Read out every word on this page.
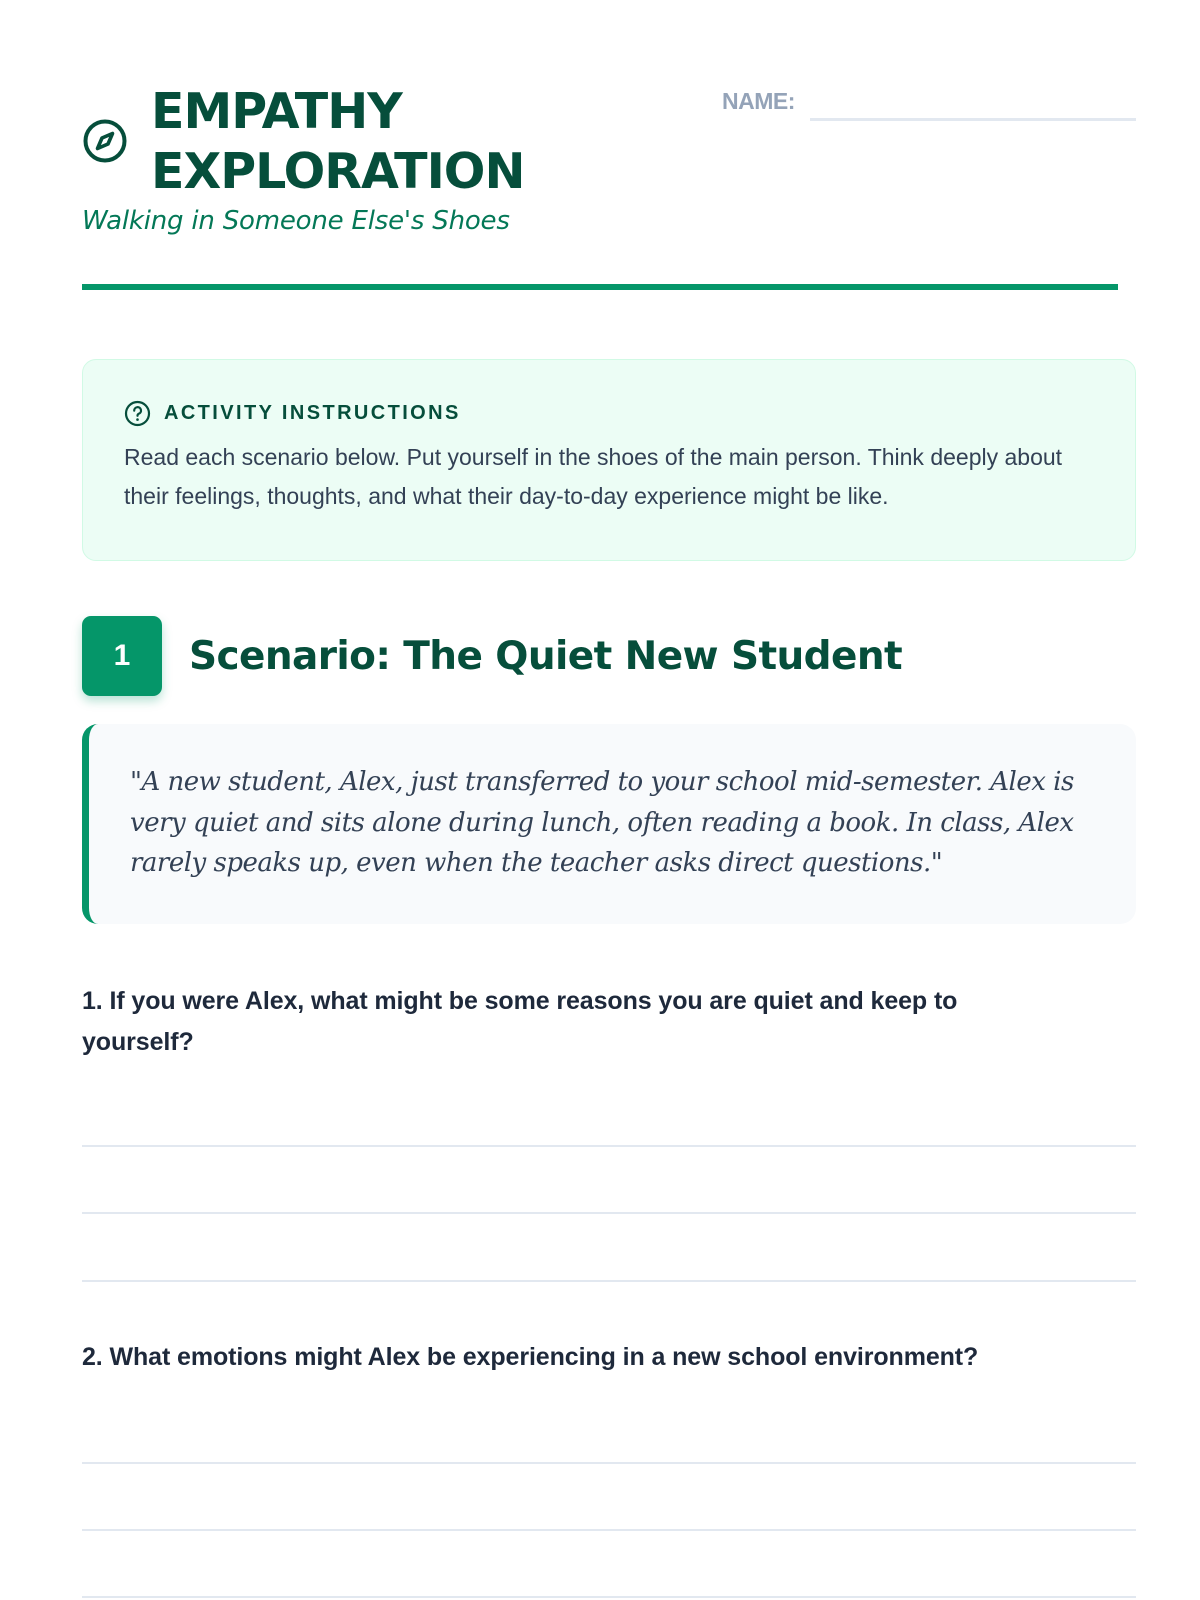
EMPATHY
EXPLORATION
Walking in Someone Else's Shoes
NAME:
ACTIVITY INSTRUCTIONS

Read each scenario below. Put yourself in the shoes of the main person. Think deeply about their feelings, thoughts, and what their day-to-day experience might be like.

1	Scenario: The Quiet New Student
"A new student, Alex, just transferred to your school mid-semester. Alex is very quiet and sits alone during lunch, often reading a book. In class, Alex rarely speaks up, even when the teacher asks direct questions."
1. If you were Alex, what might be some reasons you are quiet and keep to yourself?
2. What emotions might Alex be experiencing in a new school environment?
